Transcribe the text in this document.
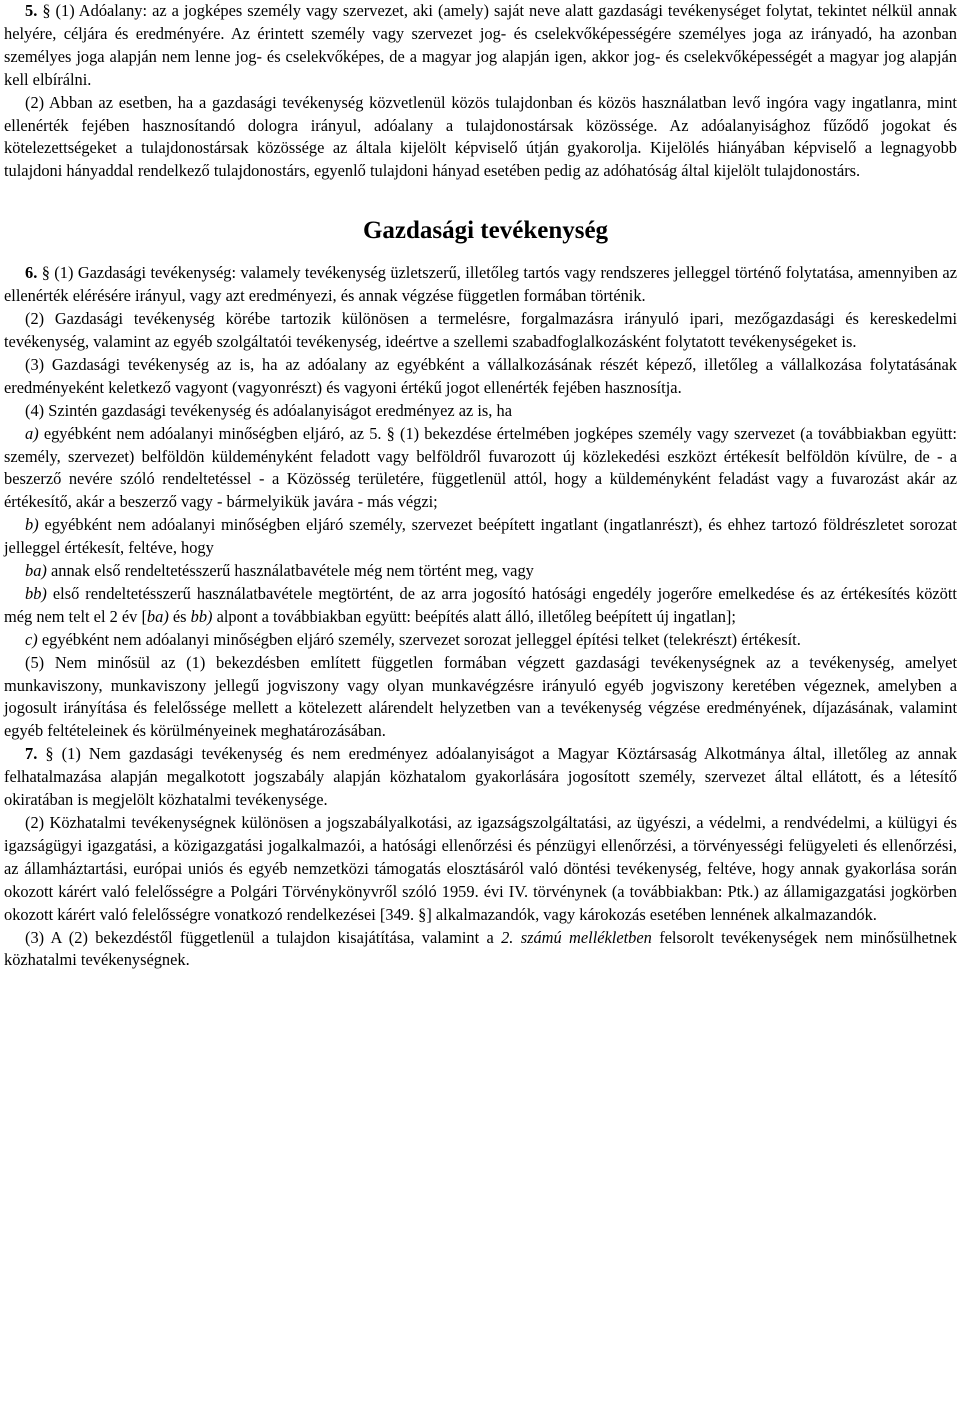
5. § (1) Adóalany: az a jogképes személy vagy szervezet, aki (amely) saját neve alatt gazdasági tevékenységet folytat, tekintet nélkül annak helyére, céljára és eredményére. Az érintett személy vagy szervezet jog- és cselekvőképességére személyes joga az irányadó, ha azonban személyes joga alapján nem lenne jog- és cselekvőképes, de a magyar jog alapján igen, akkor jog- és cselekvőképességét a magyar jog alapján kell elbírálni.

(2) Abban az esetben, ha a gazdasági tevékenység közvetlenül közös tulajdonban és közös használatban levő ingóra vagy ingatlanra, mint ellenérték fejében hasznosítandó dologra irányul, adóalany a tulajdonostársak közössége. Az adóalanyisághoz fűződő jogokat és kötelezettségeket a tulajdonostársak közössége az általa kijelölt képviselő útján gyakorolja. Kijelölés hiányában képviselő a legnagyobb tulajdoni hányaddal rendelkező tulajdonostárs, egyenlő tulajdoni hányad esetében pedig az adóhatóság által kijelölt tulajdonostárs.

Gazdasági tevékenység

6. § (1) Gazdasági tevékenység: valamely tevékenység üzletszerű, illetőleg tartós vagy rendszeres jelleggel történő folytatása, amennyiben az ellenérték elérésére irányul, vagy azt eredményezi, és annak végzése független formában történik.

(2) Gazdasági tevékenység körébe tartozik különösen a termelésre, forgalmazásra irányuló ipari, mezőgazdasági és kereskedelmi tevékenység, valamint az egyéb szolgáltatói tevékenység, ideértve a szellemi szabadfoglalkozásként folytatott tevékenységeket is.

(3) Gazdasági tevékenység az is, ha az adóalany az egyébként a vállalkozásának részét képező, illetőleg a vállalkozása folytatásának eredményeként keletkező vagyont (vagyonrészt) és vagyoni értékű jogot ellenérték fejében hasznosítja.

(4) Szintén gazdasági tevékenység és adóalanyiságot eredményez az is, ha

a) egyébként nem adóalanyi minőségben eljáró, az 5. § (1) bekezdése értelmében jogképes személy vagy szervezet (a továbbiakban együtt: személy, szervezet) belföldön küldeményként feladott vagy belföldről fuvarozott új közlekedési eszközt értékesít belföldön kívülre, de - a beszerző nevére szóló rendeltetéssel - a Közösség területére, függetlenül attól, hogy a küldeményként feladást vagy a fuvarozást akár az értékesítő, akár a beszerző vagy - bármelyikük javára - más végzi;

b) egyébként nem adóalanyi minőségben eljáró személy, szervezet beépített ingatlant (ingatlanrészt), és ehhez tartozó földrészletet sorozat jelleggel értékesít, feltéve, hogy

ba) annak első rendeltetésszerű használatbavétele még nem történt meg, vagy

bb) első rendeltetésszerű használatbavétele megtörtént, de az arra jogosító hatósági engedély jogerőre emelkedése és az értékesítés között még nem telt el 2 év [ba) és bb) alpont a továbbiakban együtt: beépítés alatt álló, illetőleg beépített új ingatlan];

c) egyébként nem adóalanyi minőségben eljáró személy, szervezet sorozat jelleggel építési telket (telekrészt) értékesít.

(5) Nem minősül az (1) bekezdésben említett független formában végzett gazdasági tevékenységnek az a tevékenység, amelyet munkaviszony, munkaviszony jellegű jogviszony vagy olyan munkavégzésre irányuló egyéb jogviszony keretében végeznek, amelyben a jogosult irányítása és felelőssége mellett a kötelezett alárendelt helyzetben van a tevékenység végzése eredményének, díjazásának, valamint egyéb feltételeinek és körülményeinek meghatározásában.

7. § (1) Nem gazdasági tevékenység és nem eredményez adóalanyiságot a Magyar Köztársaság Alkotmánya által, illetőleg az annak felhatalmazása alapján megalkotott jogszabály alapján közhatalom gyakorlására jogosított személy, szervezet által ellátott, és a létesítő okiratában is megjelölt közhatalmi tevékenysége.

(2) Közhatalmi tevékenységnek különösen a jogszabályalkotási, az igazságszolgáltatási, az ügyészi, a védelmi, a rendvédelmi, a külügyi és igazságügyi igazgatási, a közigazgatási jogalkalmazói, a hatósági ellenőrzési és pénzügyi ellenőrzési, a törvényességi felügyeleti és ellenőrzési, az államháztartási, európai uniós és egyéb nemzetközi támogatás elosztásáról való döntési tevékenység, feltéve, hogy annak gyakorlása során okozott kárért való felelősségre a Polgári Törvénykönyvről szóló 1959. évi IV. törvénynek (a továbbiakban: Ptk.) az államigazgatási jogkörben okozott kárért való felelősségre vonatkozó rendelkezései [349. §] alkalmazandók, vagy károkozás esetében lennének alkalmazandók.

(3) A (2) bekezdéstől függetlenül a tulajdon kisajátítása, valamint a 2. számú mellékletben felsorolt tevékenységek nem minősülhetnek közhatalmi tevékenységnek.
